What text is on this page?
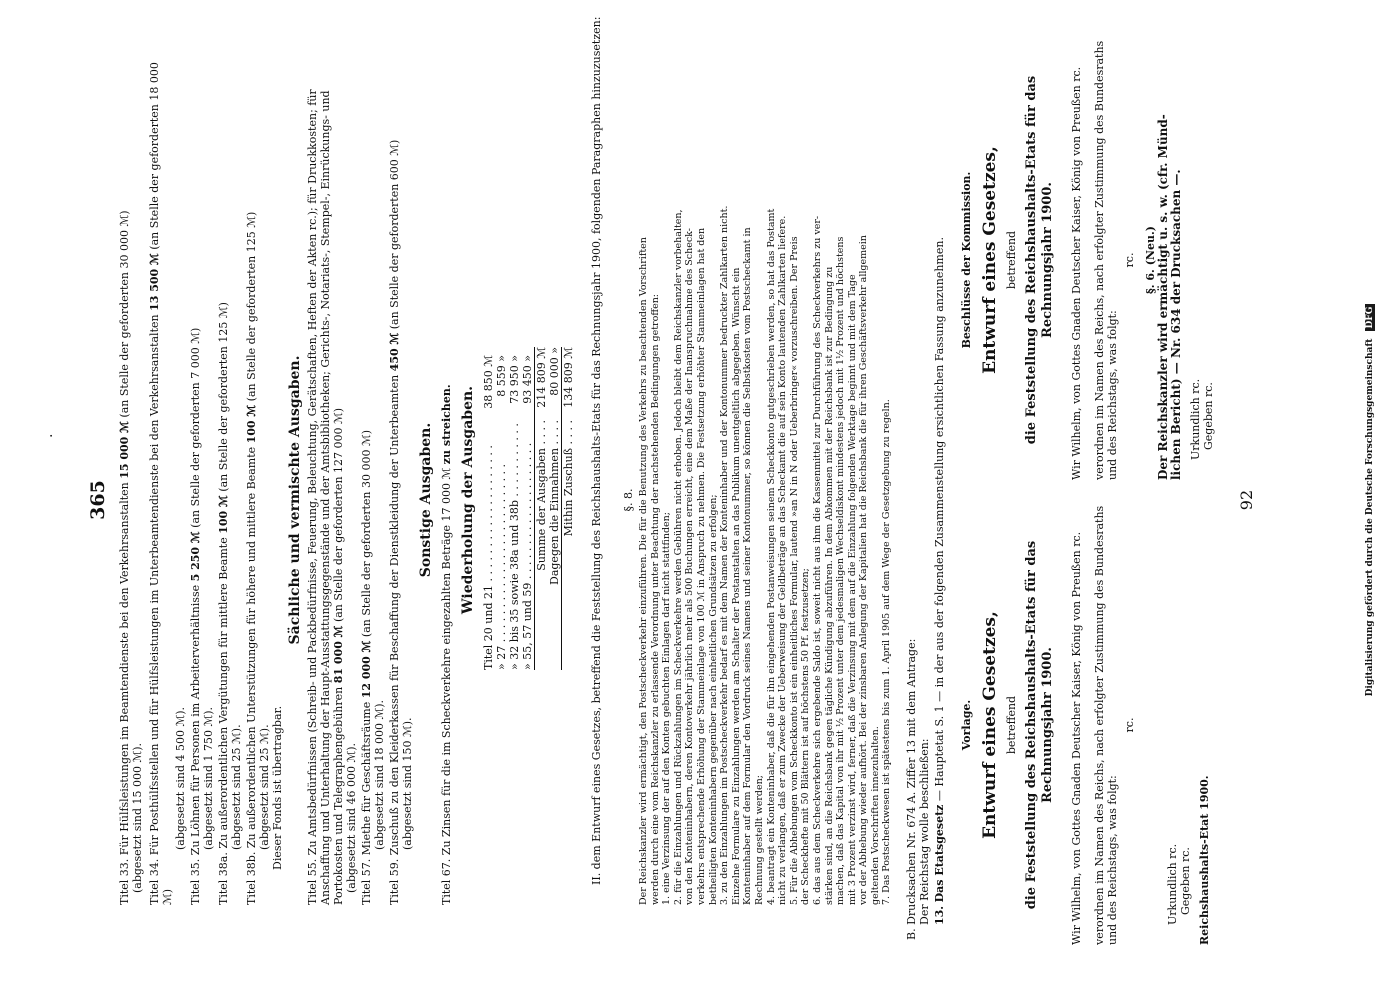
365
.
Titel 33. Für Hülfsleistungen im Beamtendienste bei den Verkehrsanstalten 15 000 ℳ (an Stelle der geforderten 30 000 ℳ)
(abgesetzt sind 15 000 ℳ). Titel 34. Für Posthülfsstellen und für Hülfsleistungen im Unterbeamtendienste bei den Verkehrsanstalten 13 500 ℳ (an Stelle der geforderten 18 000 ℳ)
(abgesetzt sind 4 500 ℳ).
Titel 35. Zu Löhnen für Personen im Arbeiterverhältnisse 5 250 ℳ (an Stelle der geforderten 7 000 ℳ)
(abgesetzt sind 1 750 ℳ).
Titel 38a. Zu außerordentlichen Vergütungen für mittlere Beamte 100 ℳ (an Stelle der geforderten 125 ℳ)
(abgesetzt sind 25 ℳ).
Titel 38b. Zu außerordentlichen Unterstützungen für höhere und mittlere Beamte 100 ℳ (an Stelle der geforderten 125 ℳ)
(abgesetzt sind 25 ℳ). Dieser Fonds ist übertragbar.
Sächliche und vermischte Ausgaben.
Titel 55. Zu Amtsbedürfnissen (Schreib- und Packbedürfnisse, Feuerung, Beleuchtung, Gerätschaften, Heften der Akten rc.); für Druckkosten; für Anschaffung und Unterhaltung der Haupt-Ausstattungsgegenstände und der Amtsbibliotheken; Gerichts-, Notariats-, Stempel-, Einrückungs- und Portokosten und Telegraphengebühren 81 000 ℳ (an Stelle der geforderten 127 000 ℳ)
(abgesetzt sind 46 000 ℳ). Titel 57. Miethe für Geschäftsräume 12 000 ℳ (an Stelle der geforderten 30 000 ℳ)
(abgesetzt sind 18 000 ℳ).
Titel 59. Zuschuß zu den Kleiderkassen für Beschaffung der Dienstkleidung der Unterbeamten 450 ℳ (an Stelle der geforderten 600 ℳ)
(abgesetzt sind 150 ℳ).
Sonstige Ausgaben.
Titel 67. Zu Zinsen für die im Scheckverkehre eingezahlten Beträge 17 000 ℳ zu streichen. Wiederholung der Ausgaben. Titel 20 und 21 . . . . . . . . . . . . . . . . . . . .
38 850 ℳ
» 27 . . . . . . . . . . . . . . . . . . . . . . . . . .
8 559 »
» 32 bis 35 sowie 38a und 38b . . . . . . . . . . .
73 950 »
» 55, 57 und 59 . . . . . . . . . . . . . . . . . . . .
93 450 »
Summe der Ausgaben . . . .
214 809 ℳ
Dagegen die Einnahmen . . . .
80 000 »
Mithin Zuschuß . . . .
134 809 ℳ II. dem Entwurf eines Gesetzes, betreffend die Feststellung des Reichshaushalts-Etats für das Rechnungsjahr 1900, folgenden Paragraphen hinzuzusetzen: §. 8. Der Reichskanzler wird ermächtigt, den Postscheckverkehr einzuführen. Die für die Benutzung des Verkehrs zu beachtenden Vorschriften werden durch eine vom Reichskanzler zu erlassende Verordnung unter Beachtung der nachstehenden Bedingungen getroffen: 1. eine Verzinsung der auf den Konten gebuchten Einlagen darf nicht stattfinden; 2. für die Einzahlungen und Rückzahlungen im Scheckverkehre werden Gebühren nicht erhoben. Jedoch bleibt dem Reichskanzler vorbehalten, von den Konteninhabern, deren Kontoverkehr jährlich mehr als 500 Buchungen erreicht, eine dem Maße der Inanspruchnahme des Scheck- verkehrs entsprechende Erhöhung der Stammeinlage von 100 ℳ in Anspruch zu nehmen. Die Festsetzung erhöhter Stammeinlagen hat den betheiligten Konteninhabern gegenüber nach einheitlichen Grundsätzen zu erfolgen; 3. zu den Einzahlungen im Postscheckverkehr bedarf es mit dem Namen der Konteninhaber und der Kontonummer bedruckter Zahlkarten nicht. Einzelne Formulare zu Einzahlungen werden am Schalter der Postanstalten an das Publikum unentgeltlich abgegeben. Wünscht ein Konteninhaber auf dem Formular den Vordruck seines Namens und seiner Kontonummer, so können die Selbstkosten vom Postscheckamt in Rechnung gestellt werden; 4. beantragt ein Konteninhaber, daß die für ihn eingehenden Postanweisungen seinem Scheckkonto gutgeschrieben werden, so hat das Postamt nicht zu verlangen, daß er zum Zwecke der Ueberweisung der Geldbeträge an das Scheckamt die auf sein Konto lautenden Zahlkarten liefere. 5. Für die Abhebungen vom Scheckkonto ist ein einheitliches Formular, lautend »an N in N oder Ueberbringer« vorzuschreiben. Der Preis der Scheckhefte mit 50 Blättern ist auf höchstens 50 Pf. festzusetzen; 6. das aus dem Scheckverkehre sich ergebende Saldo ist, soweit nicht aus ihm die Kassenmittel zur Durchführung des Scheckverkehrs zu ver- stärken sind, an die Reichsbank gegen tägliche Kündigung abzuführen. In dem Abkommen mit der Reichsbank ist zur Bedingung zu machen, daß das Kapital von ihr mit ½ Prozent unter dem jedesmaligen Wechseldiskont mindestens jedoch mit 1½ Prozent und höchstens mit 3 Prozent verzinst wird, ferner, daß die Verzinsung mit dem auf die Einzahlung folgenden Werktage beginnt und mit dem Tage vor der Abhebung wieder aufhört. Bei der zinsbaren Anlegung der Kapitalien hat die Reichsbank die für ihren Geschäftsverkehr allgemein geltenden Vorschriften innezuhalten. 7. Das Postscheckwesen ist spätestens bis zum 1. April 1905 auf dem Wege der Gesetzgebung zu regeln. B. Drucksachen Nr. 674 A. Ziffer 13 mit dem Antrage: Der Reichstag wolle beschließen: 13. Das Etatsgesetz — Hauptetat S. 1 — in der aus der folgenden Zusammenstellung ersichtlichen Fassung anzunehmen. Vorlage. Entwurf eines Gesetzes, betreffend die Feststellung des Reichshaushalts-Etats für das Rechnungsjahr 1900. Wir Wilhelm, von Gottes Gnaden Deutscher Kaiser, König von Preußen rc. verordnen im Namen des Reichs, nach erfolgter Zustimmung des Bundesraths und des Reichstags, was folgt:
rc.
Urkundlich rc. Gegeben rc. Reichshaushalts-Etat 1900.
Beschlüsse der Kommission. Entwurf eines Gesetzes, betreffend die Feststellung des Reichshaushalts-Etats für das Rechnungsjahr 1900. Wir Wilhelm, von Gottes Gnaden Deutscher Kaiser, König von Preußen rc. verordnen im Namen des Reichs, nach erfolgter Zustimmung des Bundesraths und des Reichstags, was folgt:
rc. §. 6. (Neu.) Der Reichskanzler wird ermächtigt u. s. w. (cfr. Münd- lichen Bericht) — Nr. 634 der Drucksachen —. Urkundlich rc. Gegeben rc.
92	Digitalisierung gefördert durch die Deutsche Forschungsgemeinschaft DFG
